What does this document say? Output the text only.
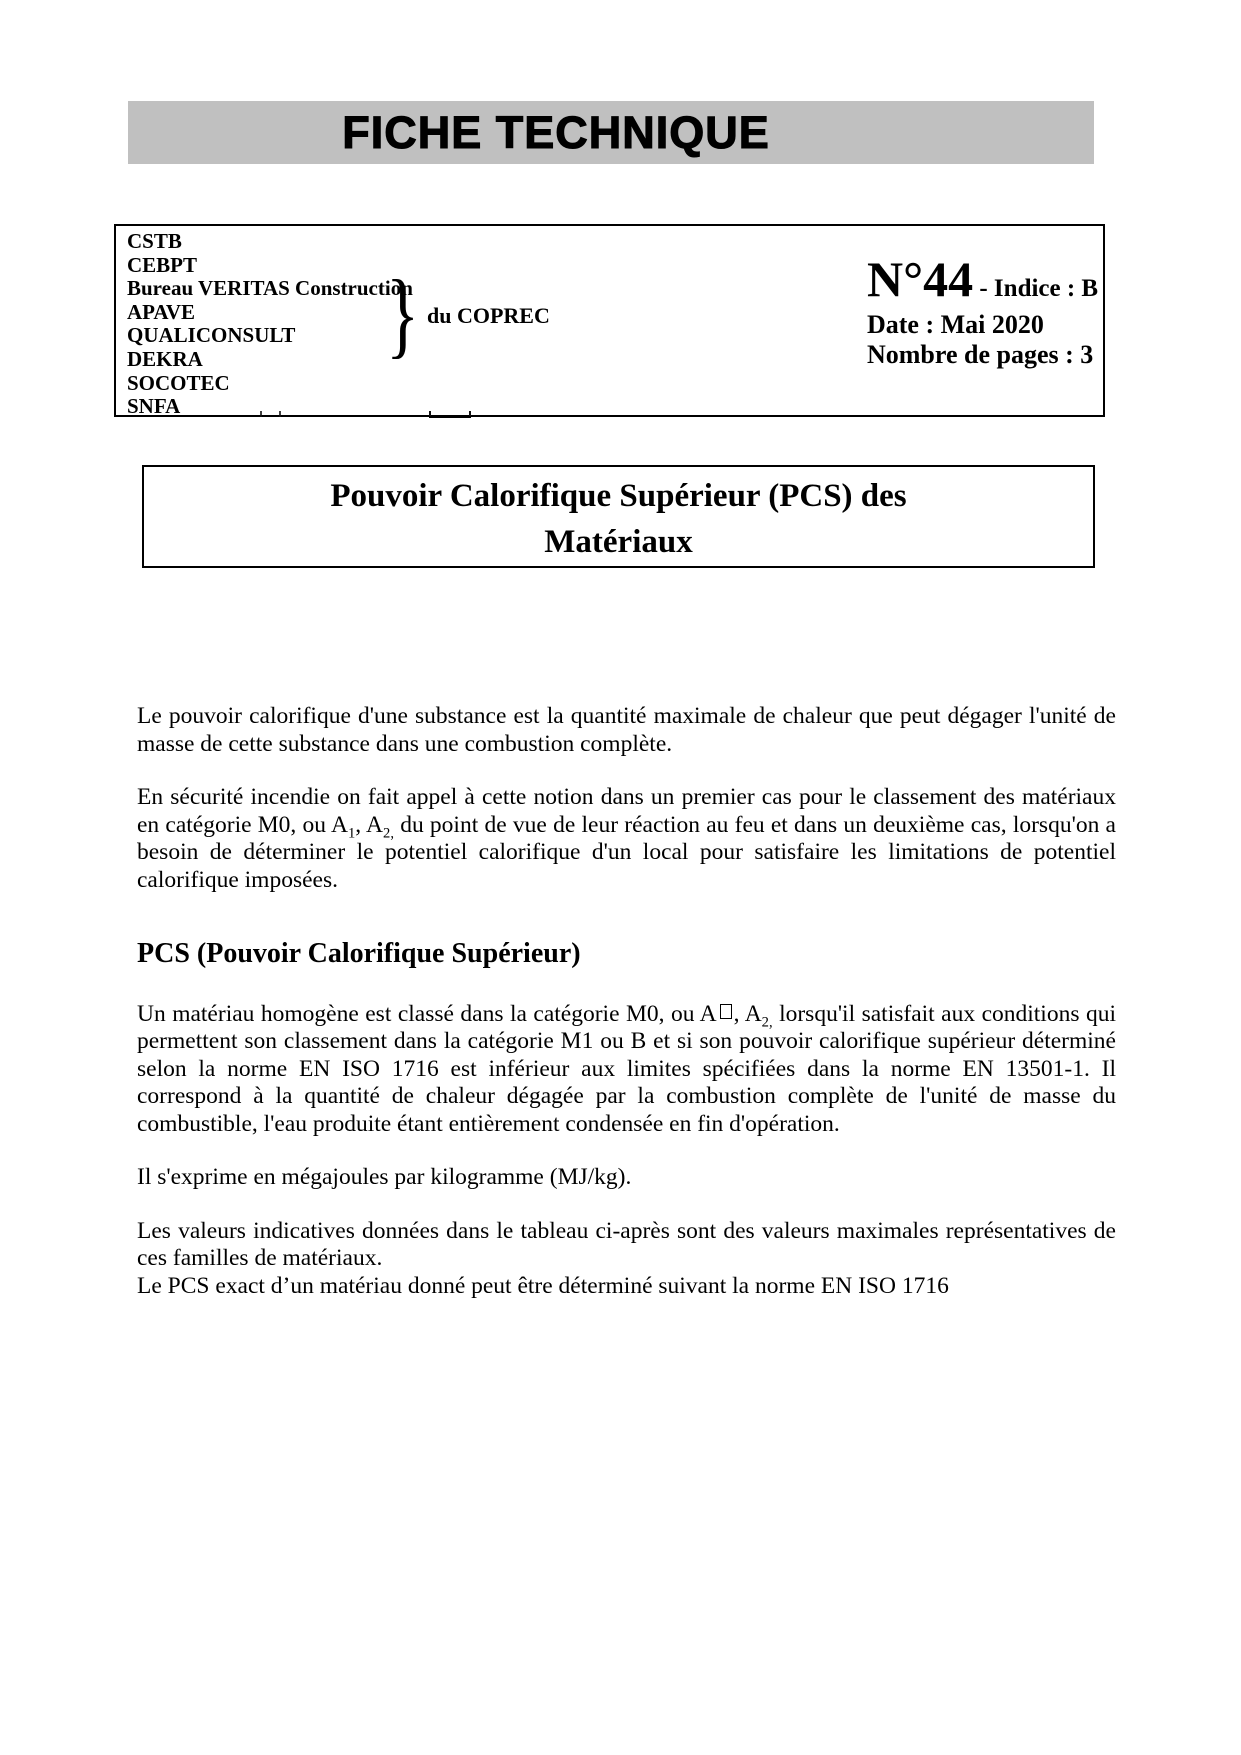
FICHE TECHNIQUE
CSTB
CEBPT
Bureau VERITAS Construction
APAVE
QUALICONSULT
DEKRA
SOCOTEC
SNFA
} du COPREC
N°44 - Indice : B
Date : Mai 2020
Nombre de pages : 3
Pouvoir Calorifique Supérieur (PCS) des
Matériaux

Le pouvoir calorifique d'une substance est la quantité maximale de chaleur que peut dégager l'unité de masse de cette substance dans une combustion complète.

En sécurité incendie on fait appel à cette notion dans un premier cas pour le classement des matériaux en catégorie M0, ou $A_1$, $A_{2,}$ du point de vue de leur réaction au feu et dans un deuxième cas, lorsqu'on a besoin de déterminer le potentiel calorifique d'un local pour satisfaire les limitations de potentiel calorifique imposées.

PCS (Pouvoir Calorifique Supérieur)

Un matériau homogène est classé dans la catégorie M0, ou A , $A_{2,}$ lorsqu'il satisfait aux conditions qui permettent son classement dans la catégorie M1 ou B et si son pouvoir calorifique supérieur déterminé selon la norme EN ISO 1716 est inférieur aux limites spécifiées dans la norme EN 13501-1. Il correspond à la quantité de chaleur dégagée par la combustion complète de l'unité de masse du combustible, l'eau produite étant entièrement condensée en fin d'opération.

Il s'exprime en mégajoules par kilogramme (MJ/kg).

Les valeurs indicatives données dans le tableau ci-après sont des valeurs maximales représentatives de ces familles de matériaux.

Le PCS exact d’un matériau donné peut être déterminé suivant la norme EN ISO 1716
